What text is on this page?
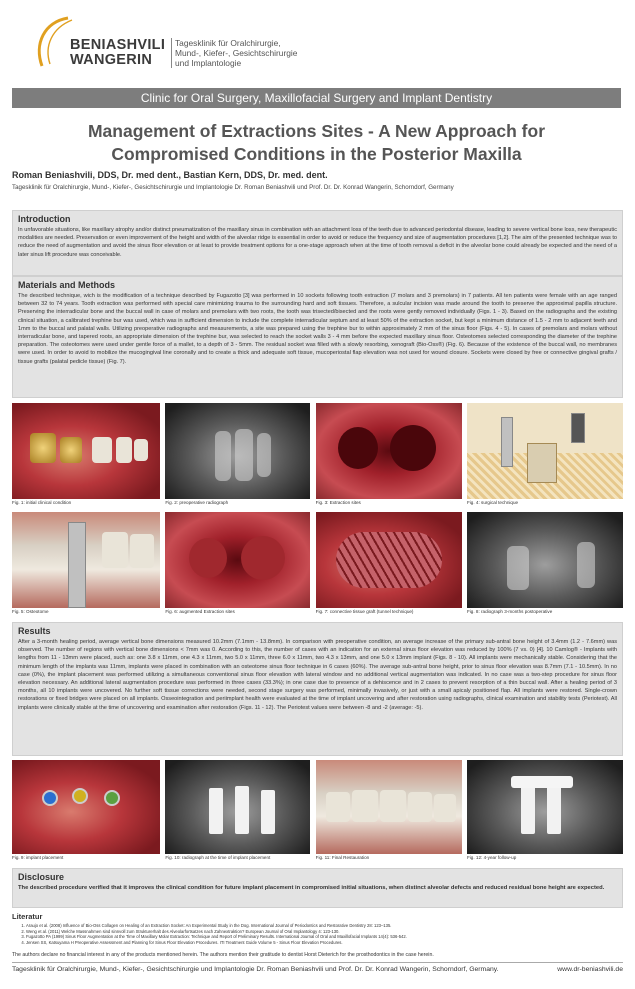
BENIASHVILI
WANGERIN
Tagesklinik für Oralchirurgie,
Mund-, Kiefer-, Gesichtschirurgie
und Implantologie
Clinic for Oral Surgery, Maxillofacial Surgery and Implant Dentistry
Management of Extractions Sites - A New Approach for
Compromised Conditions in the Posterior Maxilla
Roman Beniashvili, DDS, Dr. med dent., Bastian Kern, DDS, Dr. med. dent.
Tagesklinik für Oralchirurgie, Mund-, Kiefer-, Gesichtschirurgie und Implantologie Dr. Roman Beniashvili und Prof. Dr. Dr. Konrad Wangerin, Schorndorf, Germany
Introduction

In unfavorable situations, like maxillary atrophy and/or distinct pneumatization of the maxillary sinus in combination with an attachment loss of the teeth due to advanced periodontal disease, leading to severe vertical bone loss, new therapeutic modalities are needed. Preservation or even improvement of the height and width of the alveolar ridge is essential in order to avoid or reduce the frequency and size of augmentation procedures [1,2]. The aim of the presented technique was to reduce the need of augmentation and avoid the sinus floor elevation or at least to provide treatment options for a one-stage approach when at the time of tooth removal a deficit in the alveolar bone could already be expected and the need of a later sinus lift procedure was conceivable.

Materials and Methods

The described technique, wich is the modification of a technique described by Fugazotto [3] was performed in 10 sockets following tooth extraction (7 molars and 3 premolars) in 7 patients. All ten patients were female with an age ranged between 32 to 74 years. Tooth extraction was performed with special care minimizing trauma to the surrounding hard and soft tissues. Therefore, a sulcular incision was made around the tooth to preserve the approximal papilla structure. Preserving the interradicular bone and the buccal wall in case of molars and premolars with two roots, the tooth was trisected/bisected and the roots were gently removed individually (Figs. 1 - 3). Based on the radiographs and the existing clinical situation, a calibrated trephine bur was used, which was in sufficient dimension to include the complete interradicular septum and at least 50% of the extraction socket, but kept a minimum distance of 1.5 - 2 mm to adjacent teeth and 1mm to the buccal and palatal walls. Utilizing preoperative radiographs and measurements, a site was prepared using the trephine bur to within approximately 2 mm of the sinus floor (Figs. 4 - 5). In cases of premolars and molars without interradicular bone, and tapered roots, an appropriate dimension of the trephine bur, was selected to reach the socket walls 3 - 4 mm before the expected maxillary sinus floor. Osteotomes selected corresponding the diameter of the trephine preparation. The osteotomes were used under gentle force of a mallet, to a depth of 3 - 5mm. The residual socket was filled with a slowly resorbing, xenograft (Bio-Oss®) (Fig. 6). Because of the existence of the buccal wall, no membranes were used. In order to avoid to mobilize the mucogingival line coronally and to create a thick and adequate soft tissue, mucoperiostal flap elevation was not used for wound closure. Sockets were closed by free or connective gingival grafts / tissue grafts (palatal pedicle tissue) (Fig. 7).

Fig. 1: initial clinical condition	Fig. 2: preoperative radiograph	Fig. 3: Extraction sites	Fig. 4: surgical technique
Fig. 5: Osteotome	Fig. 6: augmented Extraction sites	Fig. 7: connective tissue graft (tunnel technique)	Fig. 8: radiograph 3-months postoperative
Results

After a 3-month healing period, average vertical bone dimensions measured 10.2mm (7.1mm - 13.8mm). In comparison with preoperative condition, an average increase of the primary sub-antral bone height of 3.4mm (1.2 - 7.6mm) was observed. The number of regions with vertical bone dimensions < 7mm was 0. According to this, the number of cases with an indication for an external sinus floor elevation was reduced by 100% (7 vs. 0) [4]. 10 Camlog® - Implants with lengths from 11 - 13mm were placed, such as: one 3.8 x 11mm, one 4.3 x 11mm, two 5.0 x 11mm, three 6.0 x 11mm, two 4.3 x 13mm, and one 5.0 x 13mm implant (Figs. 8 - 10). All implants were mechanically stable. Considering that the minimum length of the implants was 11mm, implants were placed in combination with an osteotome sinus floor technique in 6 cases (60%). The average sub-antral bone height, prior to sinus floor elevation was 8.7mm (7.1 - 10.5mm). In no case (0%), the implant placement was performed utilizing a simultaneous conventional sinus floor elevation with lateral window and no additional vertical augmentation was indicated. In no case was a two-step procedure for sinus floor elevation necessary. An additional lateral augmentation procedure was performed in three cases (33.3%); in one case due to presence of a dehiscence and in 2 cases to prevent resorption of a thin buccal wall. After a healing period of 3 months, all 10 implants were uncovered. No further soft tissue corrections were needed, second stage surgery was performed, minimally invasively, or just with a small apicaly positioned flap. All implants were restored. Single-crown restorations or fixed bridges were placed on all implants. Osseointegration and periimplant health were evaluated at the time of implant uncovering and after restoration using radiographs, clinical examination and stability tests (Periotest). All implants were clinically stable at the time of uncovering and examination after restoration (Figs. 11 - 12). The Periotest values were between -8 and -2 (average: -5).

Fig. 9: implant placement	Fig. 10: radiograph at the time of implant placement	Fig. 11: Final Restauration	Fig. 12: 4-year follow-up
Disclosure

The described procedure verified that it improves the clinical condition for future implant placement in compromised initial situations, when distinct alveolar defects and reduced residual bone height are expected.

Literatur
1. Araujo et al. (2008) Influence of Bio-Oss Collagen on Healing of an Extraction Socket: An Experimental Study in the Dog. International Journal of Periodontics and Restorative Dentistry 28: 123–135.
2. Weng et al. (2011) Welche Massnahmen sind sinnvoll zum Strukturerhalt des Alveolarfortsatzes nach Zahnextraktion? European Journal of Oral Implantology 4: 123-130.
3. Fugazotto PA (1999) Sinus Floor Augmentation at the Time of Maxillary Molar Extraction: Technique and Report of Preliminary Results. International Journal of Oral and Maxillofacial Implants 14(4): 536-542.
4. Jensen SS, Katsuyama H Preoperative Assessment and Planning for Sinus Floor Elevation Procedures. ITI Treatment Guide Volume 5 - Sinus Floor Elevation Procedures.
The authors declare no financial interest in any of the products mentioned herein. The authors mention their gratitude to dentist Horst Dieterich for the prosthodontics in the case herein.
Tagesklinik für Oralchirurgie, Mund-, Kiefer-, Gesichtschirurgie und Implantologie Dr. Roman Beniashvili und Prof. Dr. Dr. Konrad Wangerin, Schorndorf, Germany.	www.dr-beniashvili.de
